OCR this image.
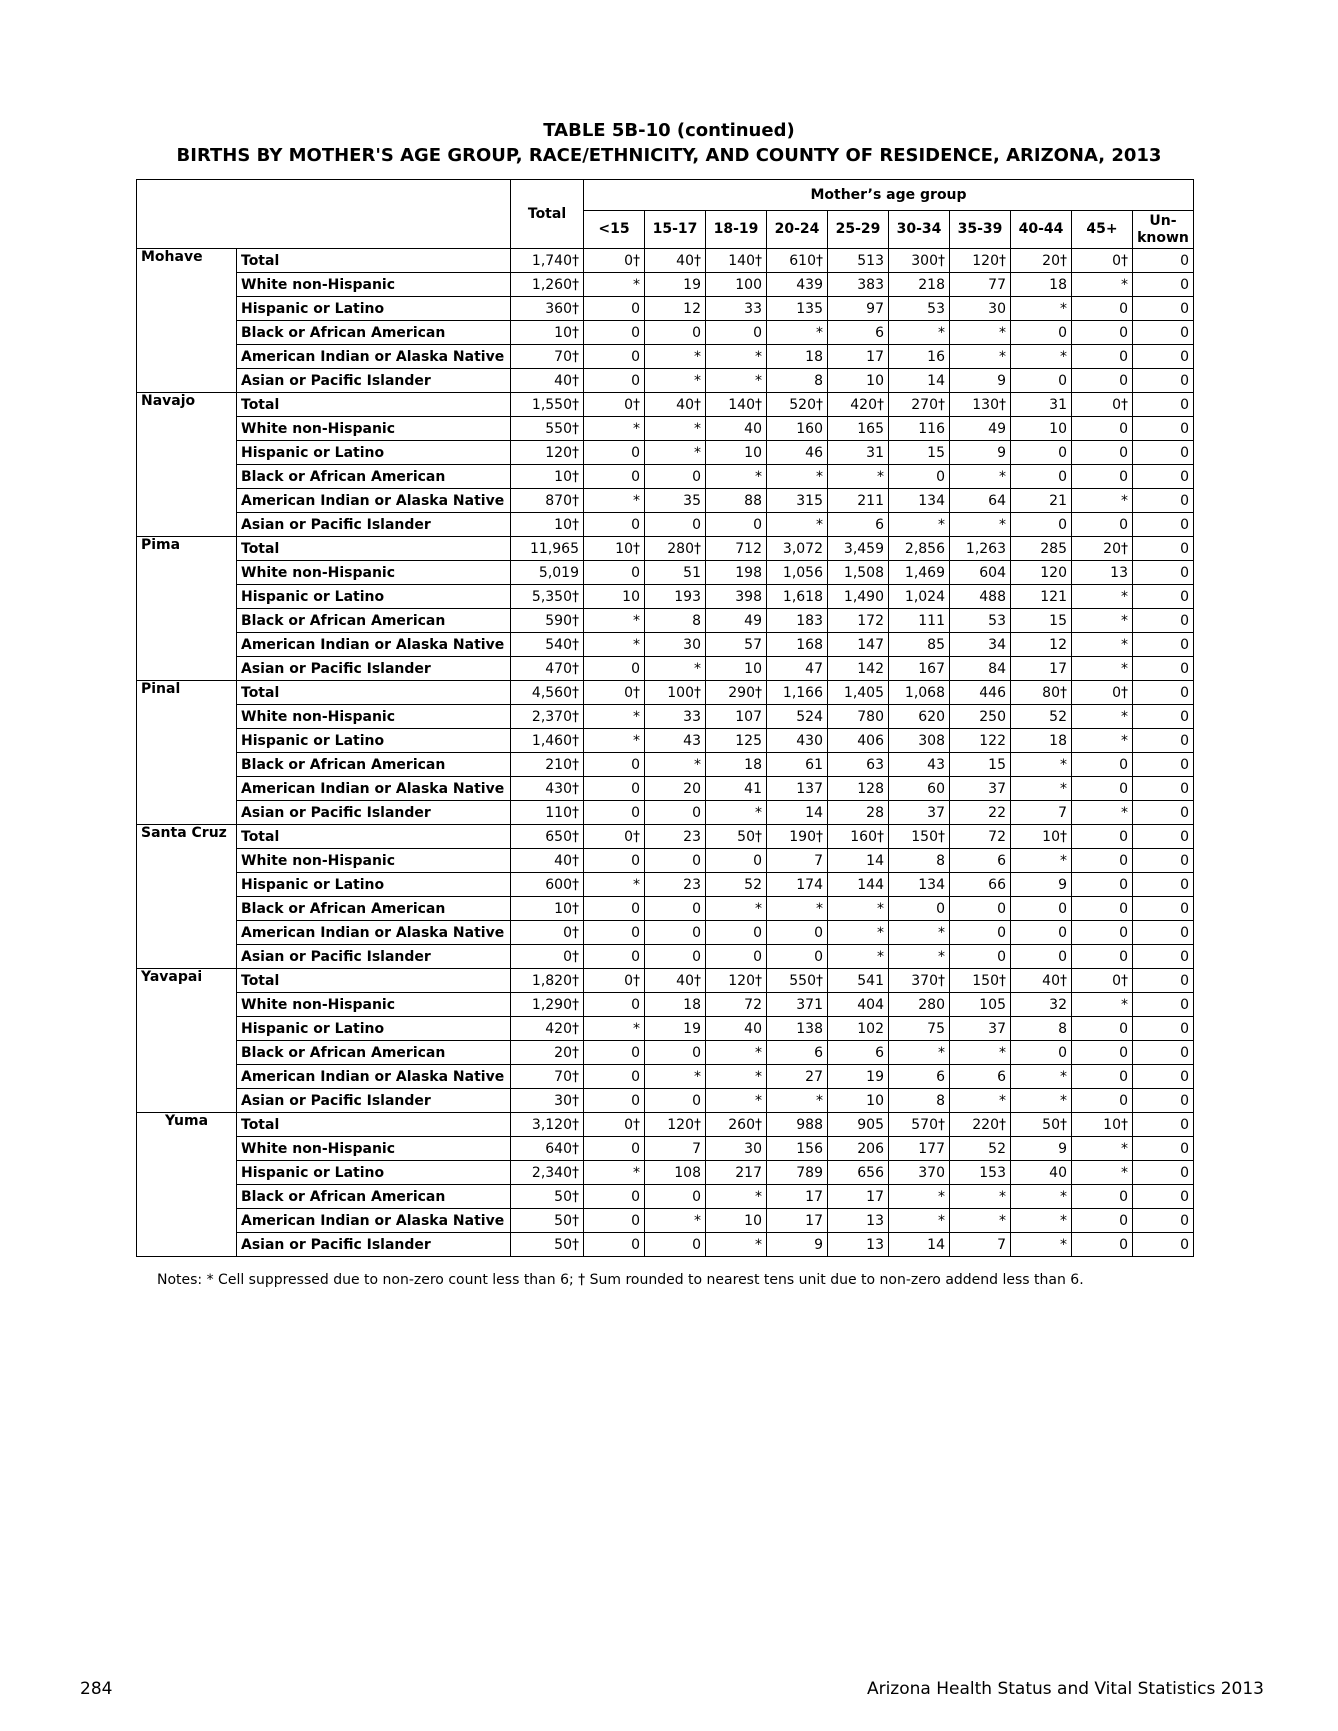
TABLE 5B-10 (continued)
BIRTHS BY MOTHER'S AGE GROUP, RACE/ETHNICITY, AND COUNTY OF RESIDENCE, ARIZONA, 2013
		Total	Mother’s age group									
			<15	15-17	18-19	20-24	25-29	30-34	35-39	40-44	45+	Un-known
Mohave	Total	1,740†	0†	40†	140†	610†	513	300†	120†	20†	0†	0
	White non-Hispanic	1,260†	*	19	100	439	383	218	77	18	*	0
	Hispanic or Latino	360†	0	12	33	135	97	53	30	*	0	0
	Black or African American	10†	0	0	0	*	6	*	*	0	0	0
	American Indian or Alaska Native	70†	0	*	*	18	17	16	*	*	0	0
	Asian or Pacific Islander	40†	0	*	*	8	10	14	9	0	0	0
Navajo	Total	1,550†	0†	40†	140†	520†	420†	270†	130†	31	0†	0
	White non-Hispanic	550†	*	*	40	160	165	116	49	10	0	0
	Hispanic or Latino	120†	0	*	10	46	31	15	9	0	0	0
	Black or African American	10†	0	0	*	*	*	0	*	0	0	0
	American Indian or Alaska Native	870†	*	35	88	315	211	134	64	21	*	0
	Asian or Pacific Islander	10†	0	0	0	*	6	*	*	0	0	0
Pima	Total	11,965	10†	280†	712	3,072	3,459	2,856	1,263	285	20†	0
	White non-Hispanic	5,019	0	51	198	1,056	1,508	1,469	604	120	13	0
	Hispanic or Latino	5,350†	10	193	398	1,618	1,490	1,024	488	121	*	0
	Black or African American	590†	*	8	49	183	172	111	53	15	*	0
	American Indian or Alaska Native	540†	*	30	57	168	147	85	34	12	*	0
	Asian or Pacific Islander	470†	0	*	10	47	142	167	84	17	*	0
Pinal	Total	4,560†	0†	100†	290†	1,166	1,405	1,068	446	80†	0†	0
	White non-Hispanic	2,370†	*	33	107	524	780	620	250	52	*	0
	Hispanic or Latino	1,460†	*	43	125	430	406	308	122	18	*	0
	Black or African American	210†	0	*	18	61	63	43	15	*	0	0
	American Indian or Alaska Native	430†	0	20	41	137	128	60	37	*	0	0
	Asian or Pacific Islander	110†	0	0	*	14	28	37	22	7	*	0
Santa Cruz	Total	650†	0†	23	50†	190†	160†	150†	72	10†	0	0
	White non-Hispanic	40†	0	0	0	7	14	8	6	*	0	0
	Hispanic or Latino	600†	*	23	52	174	144	134	66	9	0	0
	Black or African American	10†	0	0	*	*	*	0	0	0	0	0
	American Indian or Alaska Native	0†	0	0	0	0	*	*	0	0	0	0
	Asian or Pacific Islander	0†	0	0	0	0	*	*	0	0	0	0
Yavapai	Total	1,820†	0†	40†	120†	550†	541	370†	150†	40†	0†	0
	White non-Hispanic	1,290†	0	18	72	371	404	280	105	32	*	0
	Hispanic or Latino	420†	*	19	40	138	102	75	37	8	0	0
	Black or African American	20†	0	0	*	6	6	*	*	0	0	0
	American Indian or Alaska Native	70†	0	*	*	27	19	6	6	*	0	0
	Asian or Pacific Islander	30†	0	0	*	*	10	8	*	*	0	0
Yuma	Total	3,120†	0†	120†	260†	988	905	570†	220†	50†	10†	0
	White non-Hispanic	640†	0	7	30	156	206	177	52	9	*	0
	Hispanic or Latino	2,340†	*	108	217	789	656	370	153	40	*	0
	Black or African American	50†	0	0	*	17	17	*	*	*	0	0
	American Indian or Alaska Native	50†	0	*	10	17	13	*	*	*	0	0
	Asian or Pacific Islander	50†	0	0	*	9	13	14	7	*	0	0

Notes: * Cell suppressed due to non-zero count less than 6; † Sum rounded to nearest tens unit due to non-zero addend less than 6.

284	Arizona Health Status and Vital Statistics 2013
